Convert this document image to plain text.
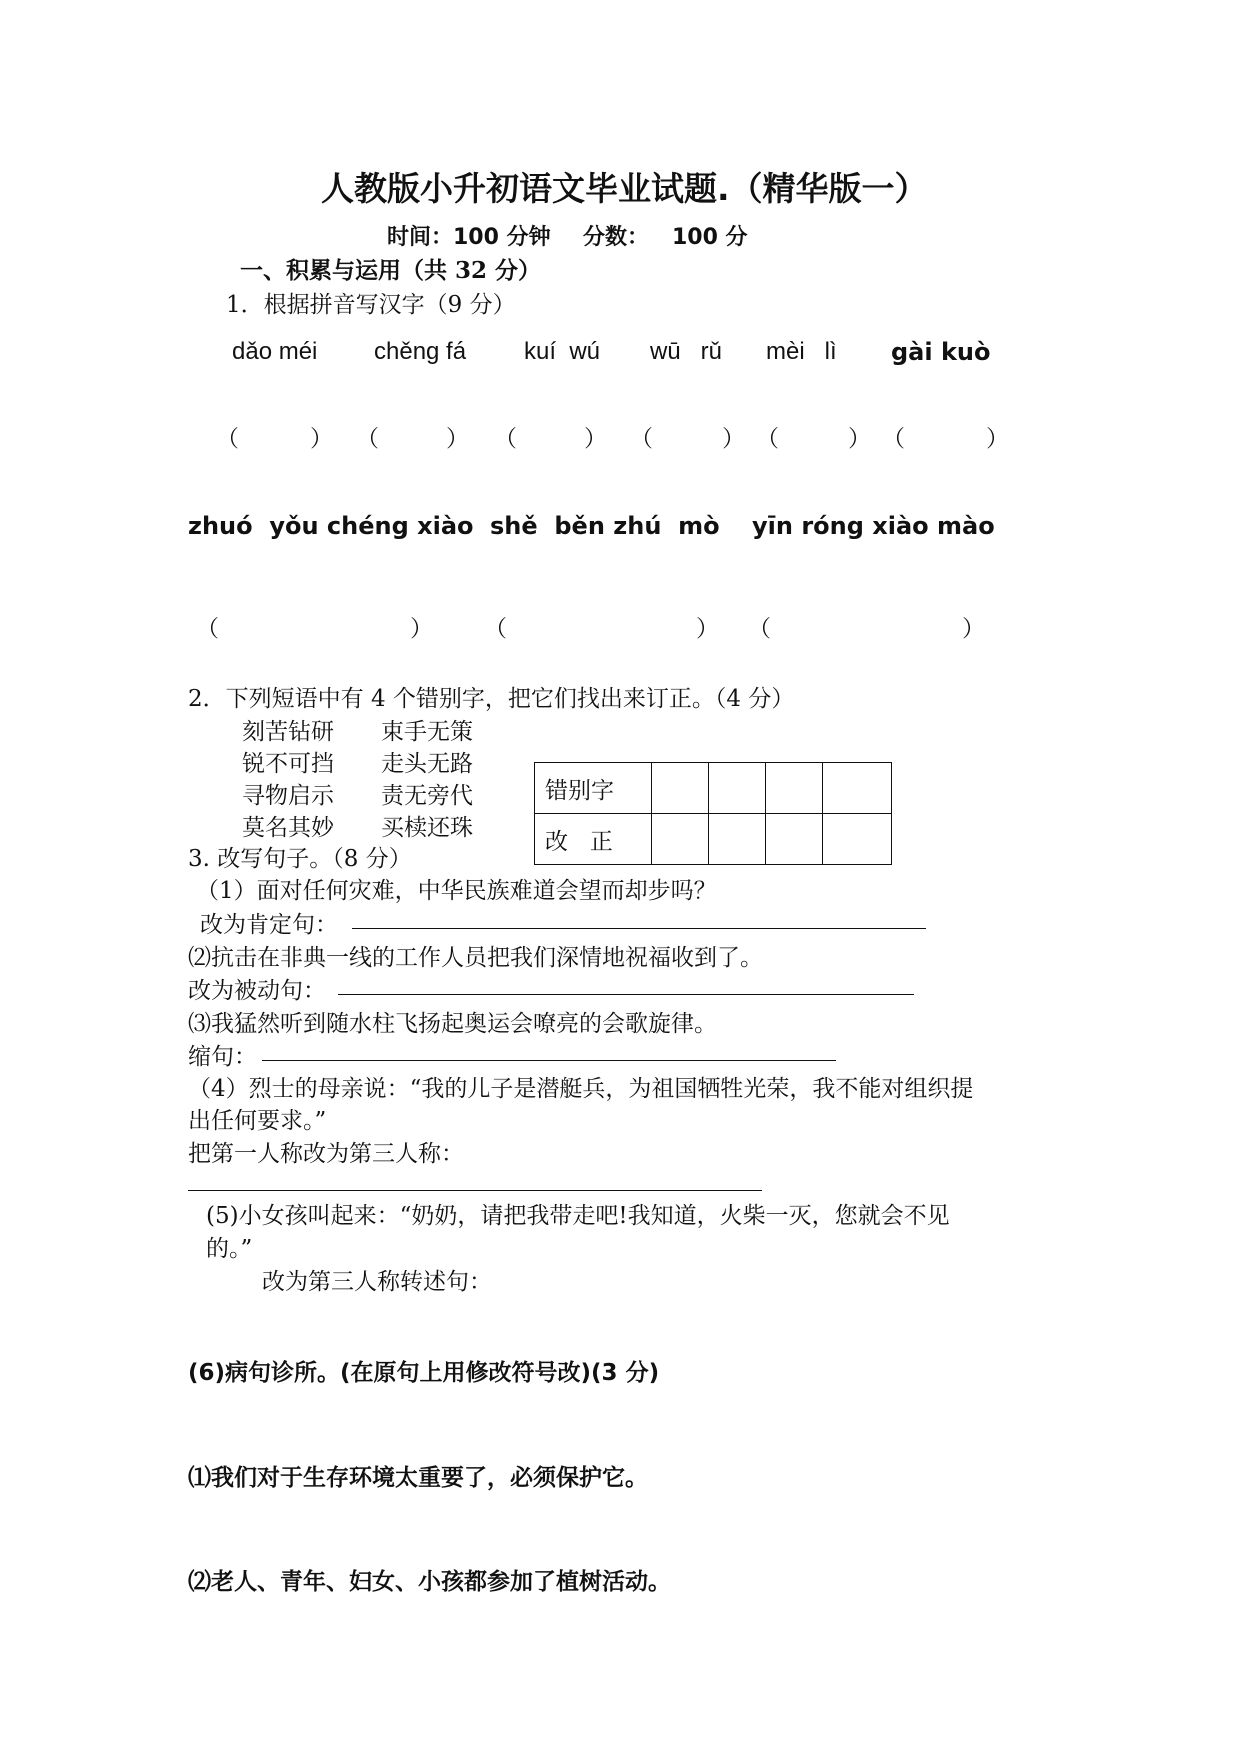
人教版小升初语文毕业试题.（精华版一）
时间：100 分钟 分数：   100 分
一、积累与运用（共 32 分）
1．根据拼音写汉字（9 分）
dǎo méi chěng fá kuí  wú wū   rǔ mèi   lì gài kuò
（	） （	） （	） （	） （	） （	）
zhuó  yǒu chéng xiào shě  běn zhú  mò yīn róng xiào mào
（	） （	） （	）
2．下列短语中有 4 个错别字，把它们找出来订正。（4 分）
刻苦钻研 束手无策
锐不可挡 走头无路
寻物启示 责无旁代
莫名其妙 买椟还珠
错别字				
改   正				
3. 改写句子。（8 分）
（1）面对任何灾难，中华民族难道会望而却步吗？
改为肯定句：
⑵抗击在非典一线的工作人员把我们深情地祝福收到了。
改为被动句：
⑶我猛然听到随水柱飞扬起奥运会嘹亮的会歌旋律。
缩句：
（4）烈士的母亲说：“我的儿子是潜艇兵，为祖国牺牲光荣，我不能对组织提
出任何要求。”
把第一人称改为第三人称：
(5)小女孩叫起来：“奶奶，请把我带走吧!我知道，火柴一灭，您就会不见
的。”
改为第三人称转述句：
(6)病句诊所。(在原句上用修改符号改)(3 分)
⑴我们对于生存环境太重要了，必须保护它。
⑵老人、青年、妇女、小孩都参加了植树活动。
